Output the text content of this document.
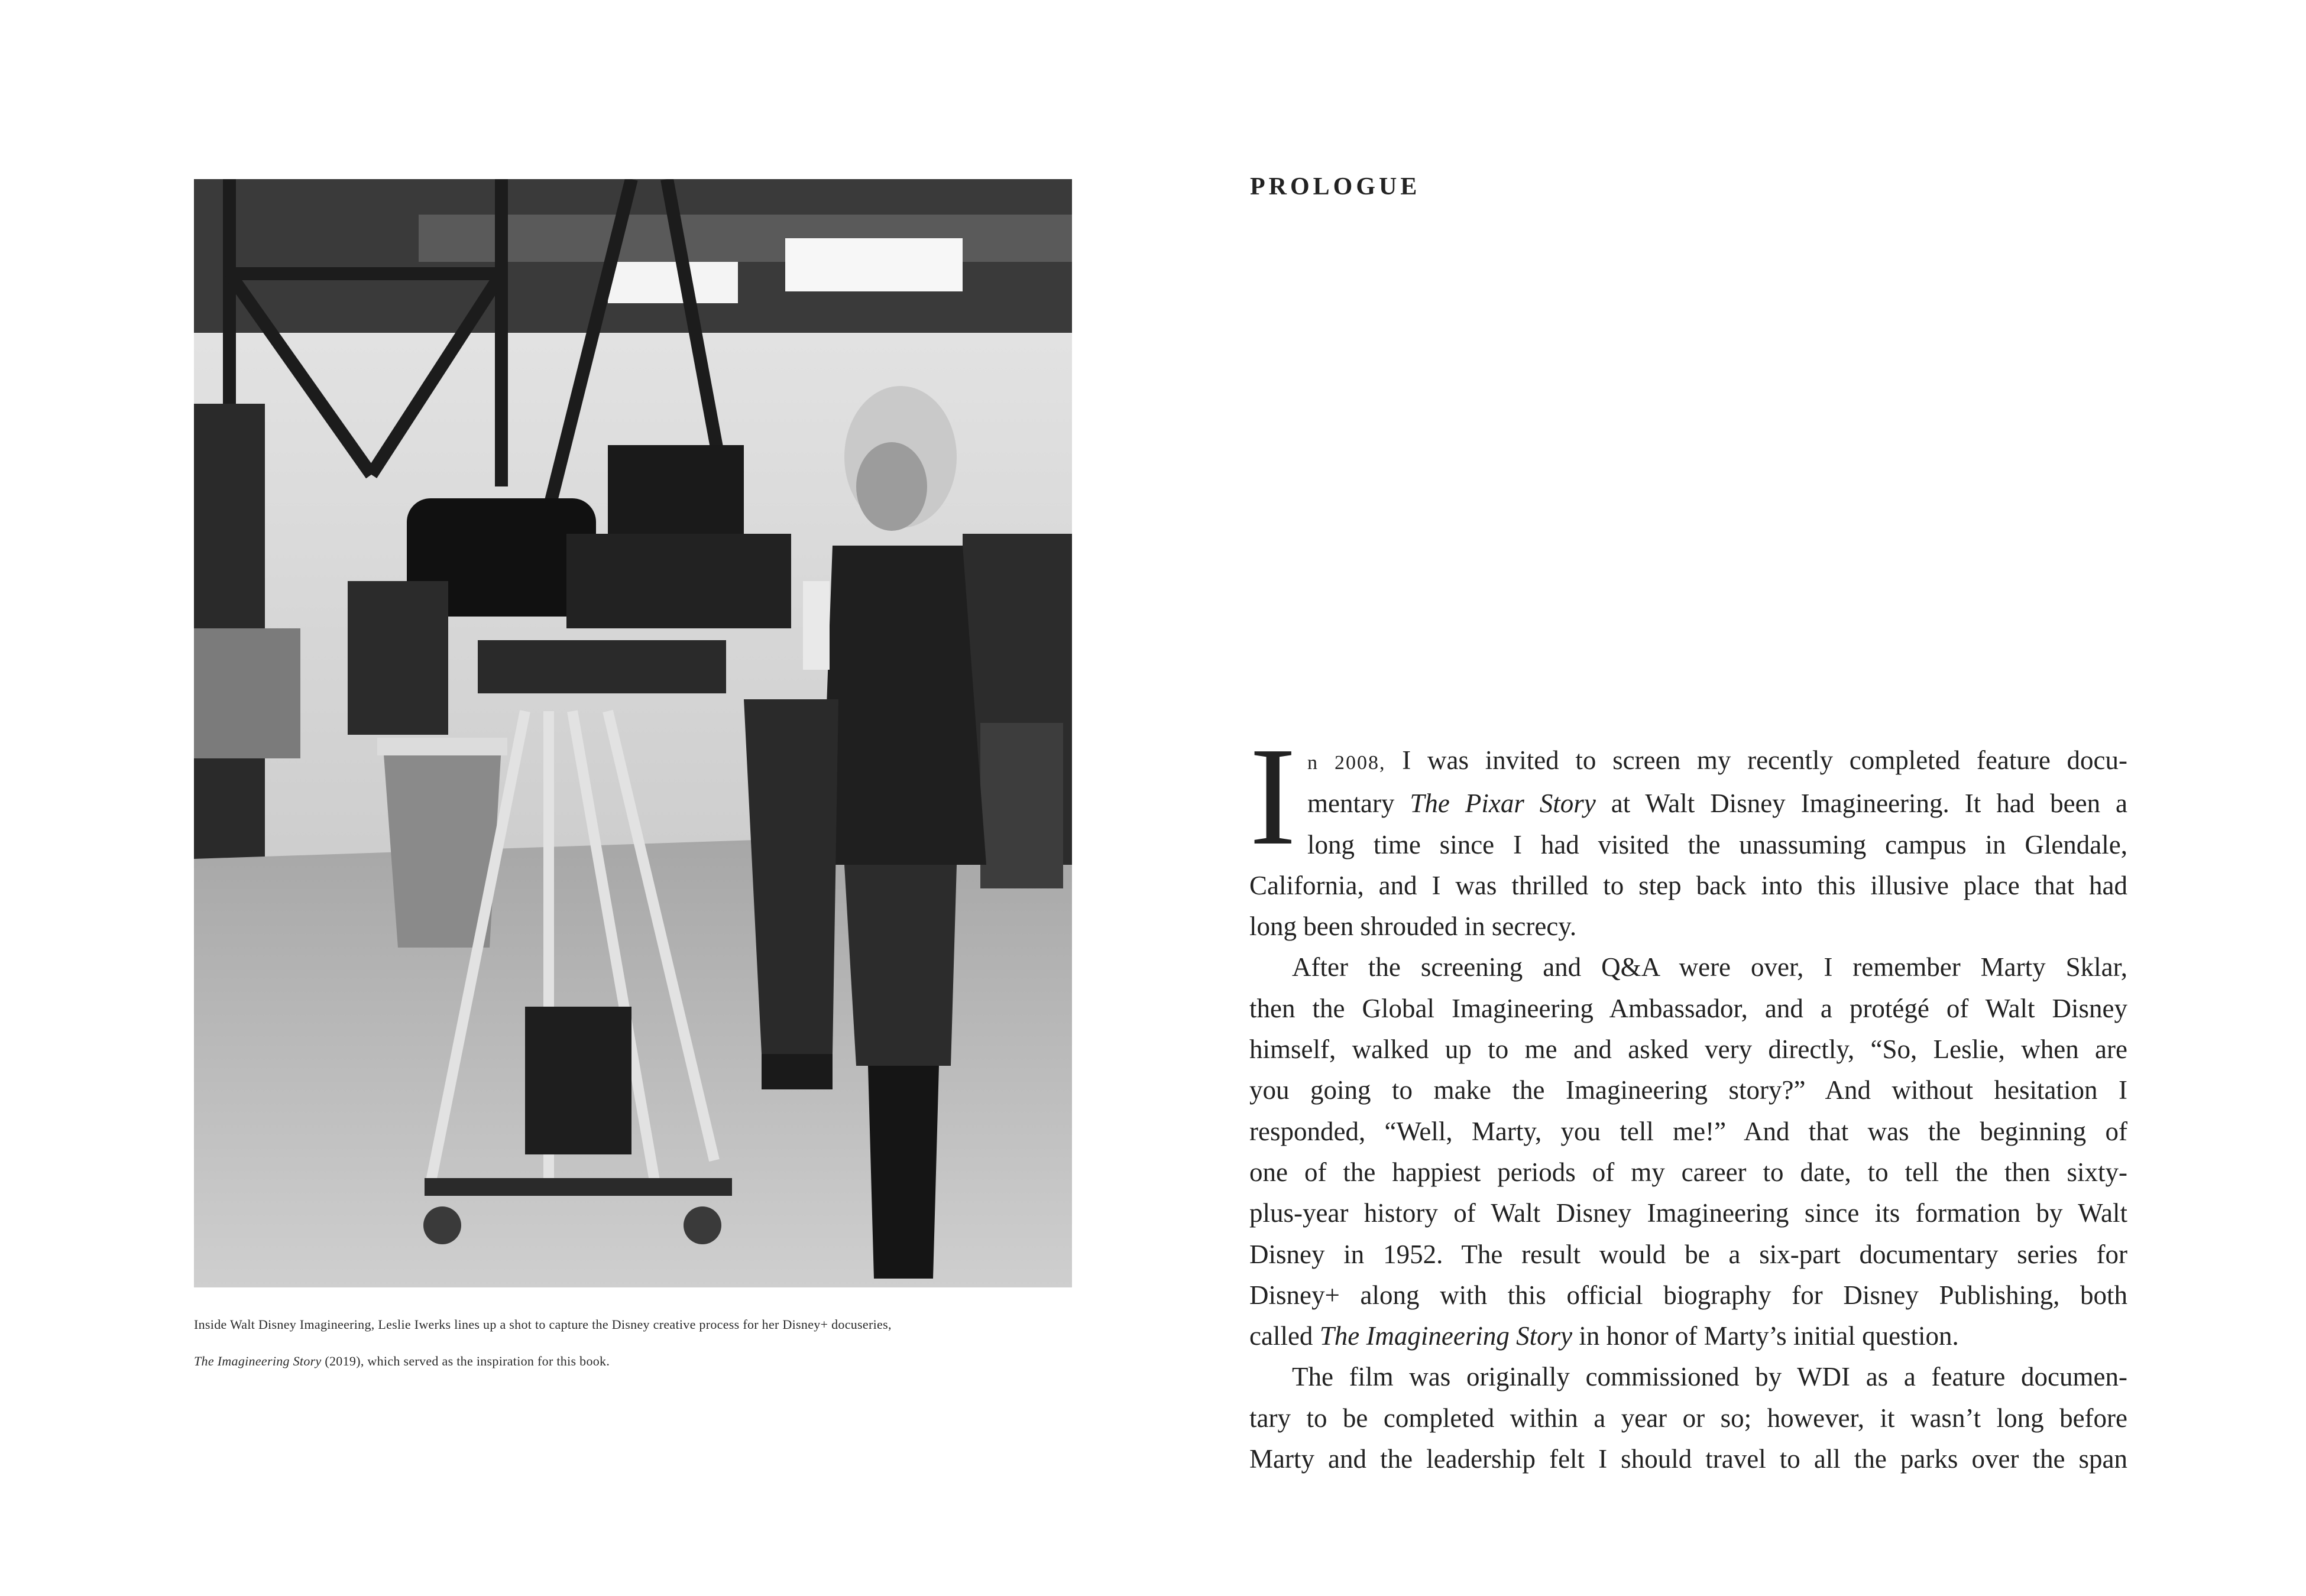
Inside Walt Disney Imagineering, Leslie Iwerks lines up a shot to capture the Disney creative process for her Disney+ docuseries,

The Imagineering Story (2019), which served as the inspiration for this book.

PROLOGUE
I n 2008, I was invited to screen my recently completed feature docu-
mentary The Pixar Story at Walt Disney Imagineering. It had been a
long time since I had visited the unassuming campus in Glendale,
California, and I was thrilled to step back into this illusive place that had
long been shrouded in secrecy.
After the screening and Q&A were over, I remember Marty Sklar,
then the Global Imagineering Ambassador, and a protégé of Walt Disney
himself, walked up to me and asked very directly, “So, Leslie, when are
you going to make the Imagineering story?” And without hesitation I
responded, “Well, Marty, you tell me!” And that was the beginning of
one of the happiest periods of my career to date, to tell the then sixty-
plus-year history of Walt Disney Imagineering since its formation by Walt
Disney in 1952. The result would be a six-part documentary series for
Disney+ along with this official biography for Disney Publishing, both
called The Imagineering Story in honor of Marty’s initial question.
The film was originally commissioned by WDI as a feature documen-
tary to be completed within a year or so; however, it wasn’t long before
Marty and the leadership felt I should travel to all the parks over the span
